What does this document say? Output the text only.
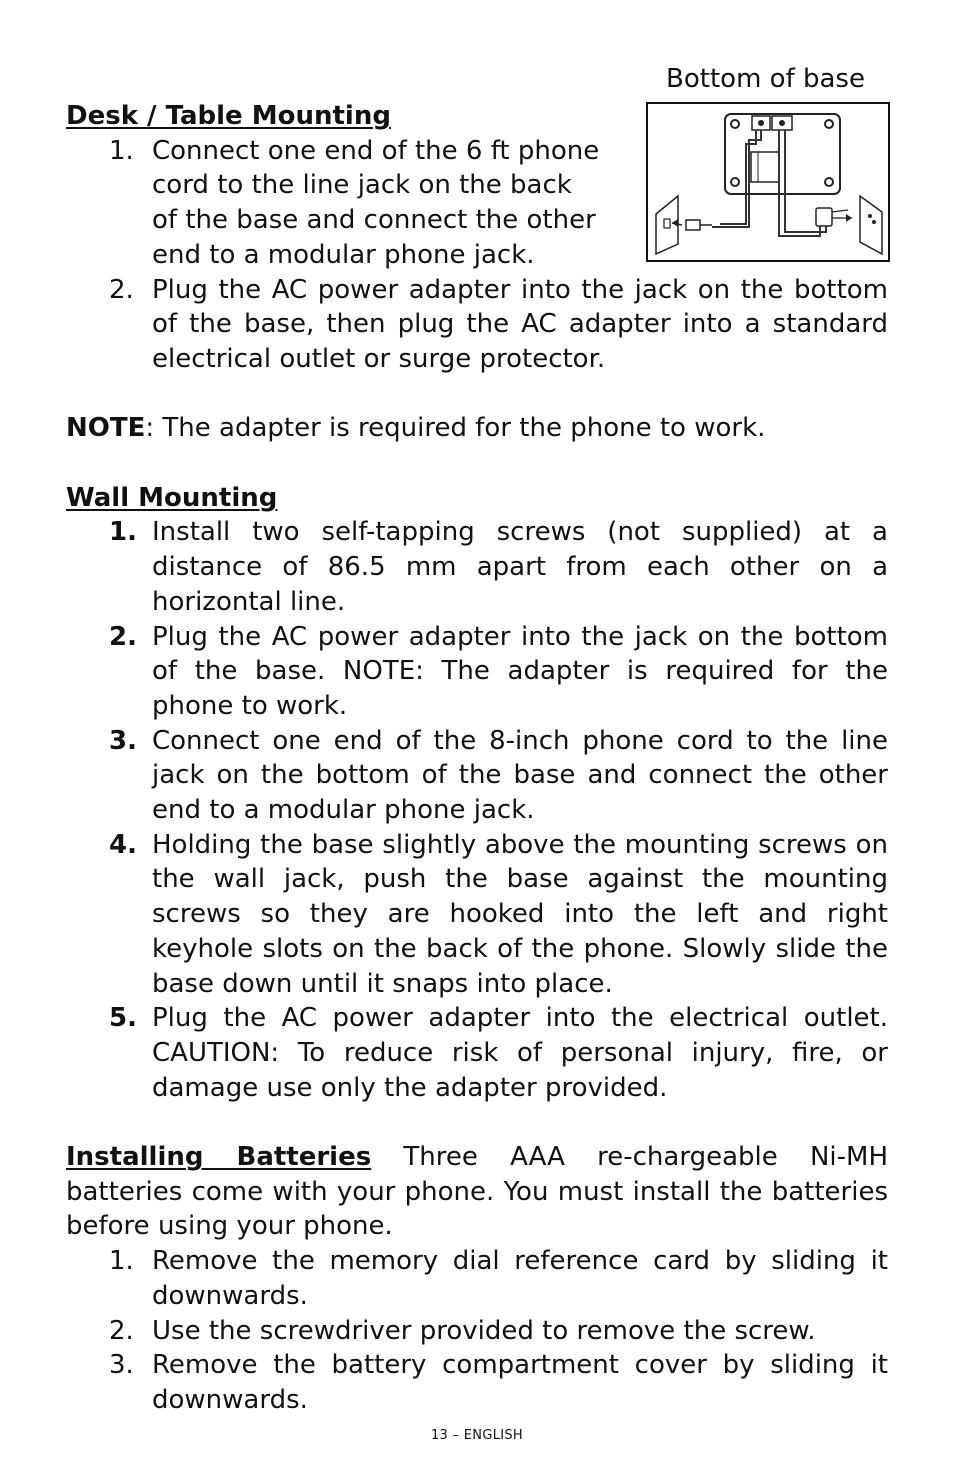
Bottom of base
Desk / Table Mounting
1. Connect one end of the 6 ft phone cord to the line jack on the back of the base and connect the other end to a modular phone jack.
2. Plug the AC power adapter into the jack on the bottom of the base, then plug the AC adapter into a standard electrical outlet or surge protector.
NOTE: The adapter is required for the phone to work.
Wall Mounting
1. Install two self-tapping screws (not supplied) at a distance of 86.5 mm apart from each other on a horizontal line.
2. Plug the AC power adapter into the jack on the bottom of the base. NOTE: The adapter is required for the phone to work.
3. Connect one end of the 8-inch phone cord to the line jack on the bottom of the base and connect the other end to a modular phone jack.
4. Holding the base slightly above the mounting screws on the wall jack, push the base against the mounting screws so they are hooked into the left and right keyhole slots on the back of the phone. Slowly slide the base down until it snaps into place.
5. Plug the AC power adapter into the electrical outlet. CAUTION: To reduce risk of personal injury, fire, or damage use only the adapter provided.
Installing Batteries Three AAA re-chargeable Ni-MH batteries come with your phone. You must install the batteries before using your phone.
1. Remove the memory dial reference card by sliding it downwards.
2. Use the screwdriver provided to remove the screw.
3. Remove the battery compartment cover by sliding it downwards.
13 – ENGLISH
